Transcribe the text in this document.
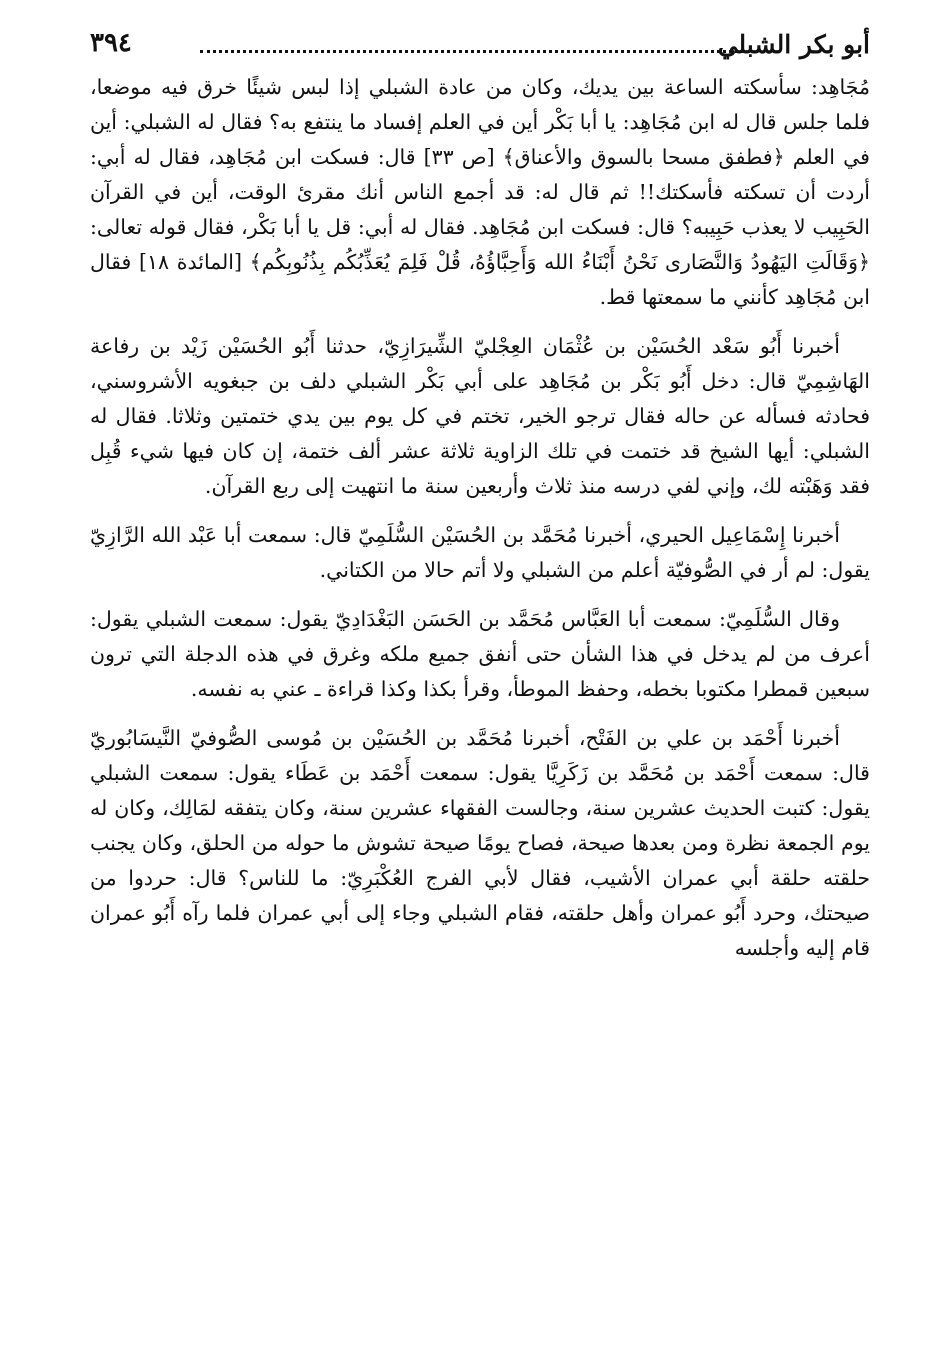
أبو بكر الشبلي
٣٩٤

مُجَاهِد: سأسكته الساعة بين يديك، وكان من عادة الشبلي إذا لبس شيئًا خرق فيه موضعا، فلما جلس قال له ابن مُجَاهِد: يا أبا بَكْر أين في العلم إفساد ما ينتفع به؟ فقال له الشبلي: أين في العلم ﴿فطفق مسحا بالسوق والأعناق﴾ [ص ٣٣] قال: فسكت ابن مُجَاهِد، فقال له أبي: أردت أن تسكته فأسكتك!! ثم قال له: قد أجمع الناس أنك مقرئ الوقت، أين في القرآن الحَبِيب لا يعذب حَبِيبه؟ قال: فسكت ابن مُجَاهِد. فقال له أبي: قل يا أبا بَكْر، فقال قوله تعالى: ﴿وَقَالَتِ اليَهُودُ وَالنَّصَارى نَحْنُ أَبْنَاءُ الله وَأَحِبَّاؤُهُ، قُلْ فَلِمَ يُعَذِّبُكُم بِذُنُوبِكُم﴾ [المائدة ١٨] فقال ابن مُجَاهِد كأنني ما سمعتها قط.

أخبرنا أَبُو سَعْد الحُسَيْن بن عُثْمَان العِجْليّ الشِّيرَازِيّ، حدثنا أَبُو الحُسَيْن زَيْد بن رفاعة الهَاشِمِيّ قال: دخل أَبُو بَكْر بن مُجَاهِد على أبي بَكْر الشبلي دلف بن جبغويه الأشروسني، فحادثه فسأله عن حاله فقال ترجو الخير، تختم في كل يوم بين يدي ختمتين وثلاثا. فقال له الشبلي: أيها الشيخ قد ختمت في تلك الزاوية ثلاثة عشر ألف ختمة، إن كان فيها شيء قُبِل فقد وَهَبْته لك، وإني لفي درسه منذ ثلاث وأربعين سنة ما انتهيت إلى ربع القرآن.

أخبرنا إِسْمَاعِيل الحيري، أخبرنا مُحَمَّد بن الحُسَيْن السُّلَمِيّ قال: سمعت أبا عَبْد الله الرَّازِيّ يقول: لم أر في الصُّوفيّة أعلم من الشبلي ولا أتم حالا من الكتاني.

وقال السُّلَمِيّ: سمعت أبا العَبَّاس مُحَمَّد بن الحَسَن البَغْدَادِيّ يقول: سمعت الشبلي يقول: أعرف من لم يدخل في هذا الشأن حتى أنفق جميع ملكه وغرق في هذه الدجلة التي ترون سبعين قمطرا مكتوبا بخطه، وحفظ الموطأ، وقرأ بكذا وكذا قراءة ـ عني به نفسه.

أخبرنا أَحْمَد بن علي بن الفَتْح، أخبرنا مُحَمَّد بن الحُسَيْن بن مُوسى الصُّوفيّ النَّيسَابُوريّ قال: سمعت أَحْمَد بن مُحَمَّد بن زَكَرِيَّا يقول: سمعت أَحْمَد بن عَطَاء يقول: سمعت الشبلي يقول: كتبت الحديث عشرين سنة، وجالست الفقهاء عشرين سنة، وكان يتفقه لمَالِك، وكان له يوم الجمعة نظرة ومن بعدها صيحة، فصاح يومًا صيحة تشوش ما حوله من الحلق، وكان يجنب حلقته حلقة أبي عمران الأشيب، فقال لأبي الفرج العُكْبَرِيّ: ما للناس؟ قال: حردوا من صيحتك، وحرد أَبُو عمران وأهل حلقته، فقام الشبلي وجاء إلى أبي عمران فلما رآه أَبُو عمران قام إليه وأجلسه
